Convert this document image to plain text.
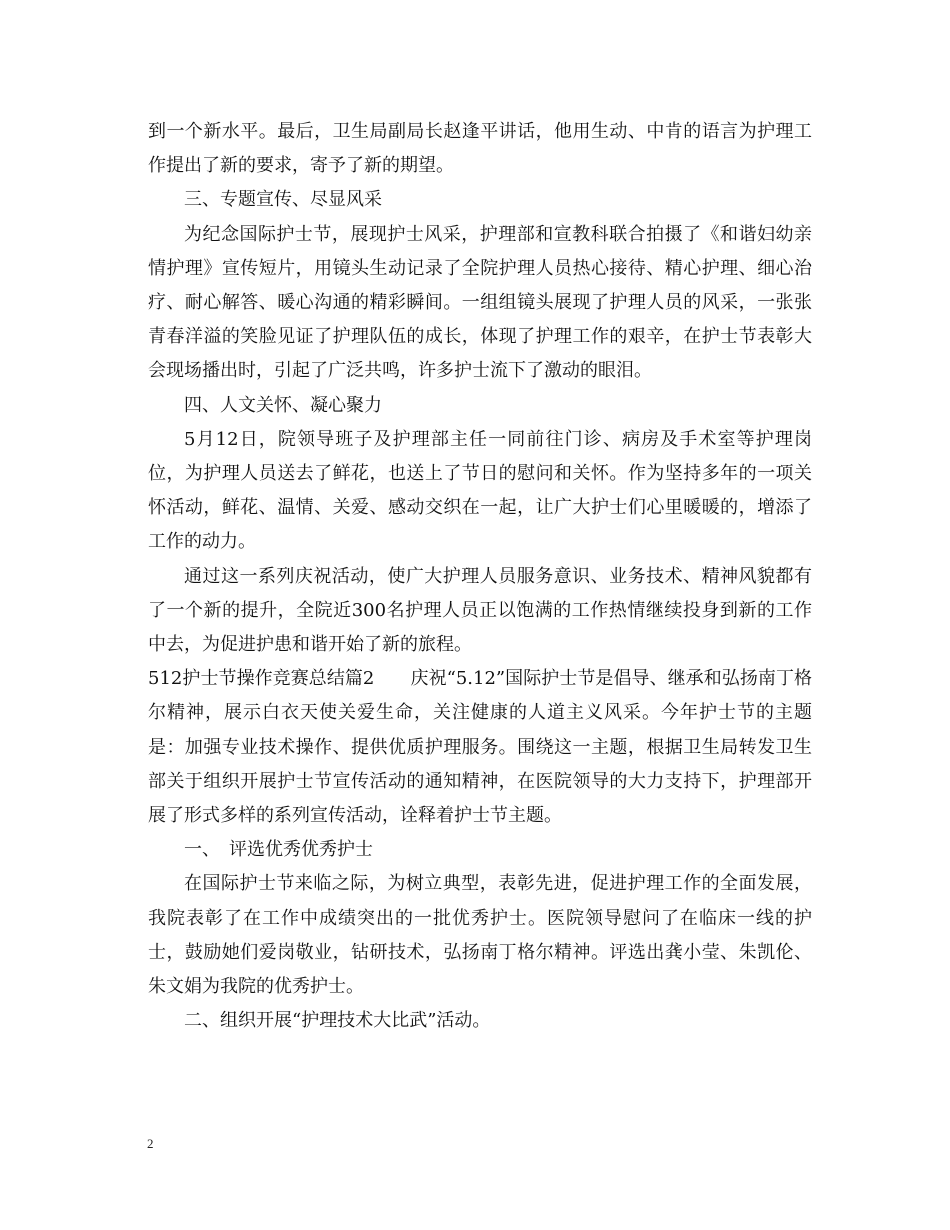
到一个新水平。最后，卫生局副局长赵逢平讲话，他用生动、中肯的语言为护理工作提出了新的要求，寄予了新的期望。

三、专题宣传、尽显风采

为纪念国际护士节，展现护士风采，护理部和宣教科联合拍摄了《和谐妇幼亲情护理》宣传短片，用镜头生动记录了全院护理人员热心接待、精心护理、细心治疗、耐心解答、暖心沟通的精彩瞬间。一组组镜头展现了护理人员的风采，一张张青春洋溢的笑脸见证了护理队伍的成长，体现了护理工作的艰辛，在护士节表彰大会现场播出时，引起了广泛共鸣，许多护士流下了激动的眼泪。

四、人文关怀、凝心聚力

5月12日，院领导班子及护理部主任一同前往门诊、病房及手术室等护理岗位，为护理人员送去了鲜花，也送上了节日的慰问和关怀。作为坚持多年的一项关怀活动，鲜花、温情、关爱、感动交织在一起，让广大护士们心里暖暖的，增添了工作的动力。

通过这一系列庆祝活动，使广大护理人员服务意识、业务技术、精神风貌都有了一个新的提升，全院近300名护理人员正以饱满的工作热情继续投身到新的工作中去，为促进护患和谐开始了新的旅程。

512护士节操作竞赛总结篇2　　庆祝“5.12”国际护士节是倡导、继承和弘扬南丁格尔精神，展示白衣天使关爱生命，关注健康的人道主义风采。今年护士节的主题是：加强专业技术操作、提供优质护理服务。围绕这一主题，根据卫生局转发卫生部关于组织开展护士节宣传活动的通知精神，在医院领导的大力支持下，护理部开展了形式多样的系列宣传活动，诠释着护士节主题。

一、　评选优秀优秀护士

在国际护士节来临之际，为树立典型，表彰先进，促进护理工作的全面发展，我院表彰了在工作中成绩突出的一批优秀护士。医院领导慰问了在临床一线的护士，鼓励她们爱岗敬业，钻研技术，弘扬南丁格尔精神。评选出龚小莹、朱凯伦、朱文娟为我院的优秀护士。

二、组织开展“护理技术大比武”活动。

2
